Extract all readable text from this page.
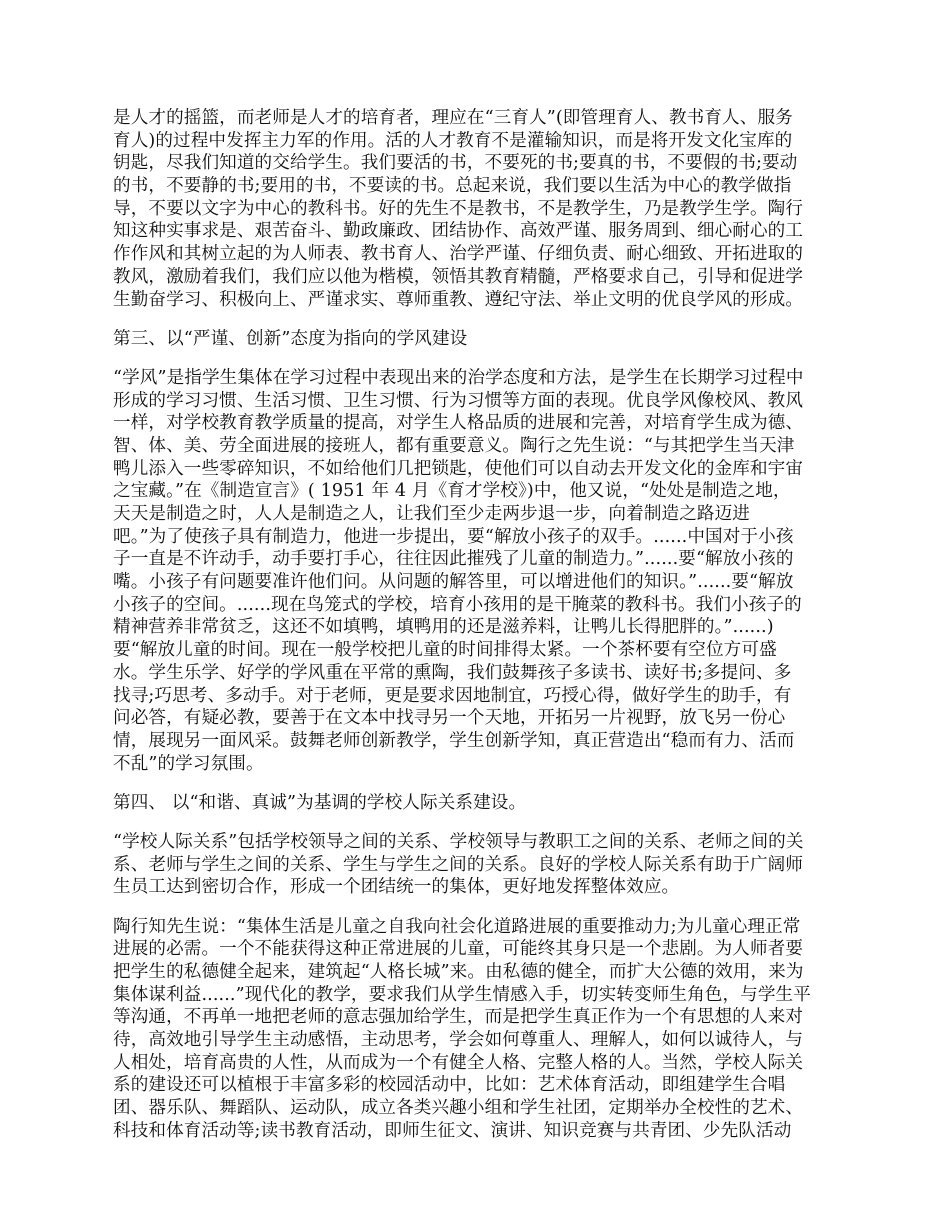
是人才的摇篮，而老师是人才的培育者，理应在“三育人”(即管理育人、教书育人、服务
育人)的过程中发挥主力军的作用。活的人才教育不是灌输知识，而是将开发文化宝库的
钥匙，尽我们知道的交给学生。我们要活的书，不要死的书;要真的书，不要假的书;要动
的书，不要静的书;要用的书，不要读的书。总起来说，我们要以生活为中心的教学做指
导，不要以文字为中心的教科书。好的先生不是教书，不是教学生，乃是教学生学。陶行
知这种实事求是、艰苦奋斗、勤政廉政、团结协作、高效严谨、服务周到、细心耐心的工
作作风和其树立起的为人师表、教书育人、治学严谨、仔细负责、耐心细致、开拓进取的
教风，激励着我们，我们应以他为楷模，领悟其教育精髓，严格要求自己，引导和促进学
生勤奋学习、积极向上、严谨求实、尊师重教、遵纪守法、举止文明的优良学风的形成。
第三、以“严谨、创新”态度为指向的学风建设
“学风”是指学生集体在学习过程中表现出来的治学态度和方法，是学生在长期学习过程中
形成的学习习惯、生活习惯、卫生习惯、行为习惯等方面的表现。优良学风像校风、教风
一样，对学校教育教学质量的提高，对学生人格品质的进展和完善，对培育学生成为德、
智、体、美、劳全面进展的接班人，都有重要意义。陶行之先生说：“与其把学生当天津
鸭儿添入一些零碎知识，不如给他们几把锁匙，使他们可以自动去开发文化的金库和宇宙
之宝藏。”在《制造宣言》( 1951 年 4 月《育才学校》)中，他又说，“处处是制造之地，
天天是制造之时，人人是制造之人，让我们至少走两步退一步，向着制造之路迈进
吧。”为了使孩子具有制造力，他进一步提出，要“解放小孩子的双手。......中国对于小孩
子一直是不许动手，动手要打手心，往往因此摧残了儿童的制造力。”......要“解放小孩的
嘴。小孩子有问题要准许他们问。从问题的解答里，可以增进他们的知识。”......要“解放
小孩子的空间。......现在鸟笼式的学校，培育小孩用的是干腌菜的教科书。我们小孩子的
精神营养非常贫乏，这还不如填鸭，填鸭用的还是滋养料，让鸭儿长得肥胖的。”......)
要“解放儿童的时间。现在一般学校把儿童的时间排得太紧。一个茶杯要有空位方可盛
水。学生乐学、好学的学风重在平常的熏陶，我们鼓舞孩子多读书、读好书;多提问、多
找寻;巧思考、多动手。对于老师，更是要求因地制宜，巧授心得，做好学生的助手，有
问必答，有疑必教，要善于在文本中找寻另一个天地，开拓另一片视野，放飞另一份心
情，展现另一面风采。鼓舞老师创新教学，学生创新学知，真正营造出“稳而有力、活而
不乱”的学习氛围。
第四、 以“和谐、真诚”为基调的学校人际关系建设。
“学校人际关系”包括学校领导之间的关系、学校领导与教职工之间的关系、老师之间的关
系、老师与学生之间的关系、学生与学生之间的关系。良好的学校人际关系有助于广阔师
生员工达到密切合作，形成一个团结统一的集体，更好地发挥整体效应。
陶行知先生说：“集体生活是儿童之自我向社会化道路进展的重要推动力;为儿童心理正常
进展的必需。一个不能获得这种正常进展的儿童，可能终其身只是一个悲剧。为人师者要
把学生的私德健全起来，建筑起“人格长城”来。由私德的健全，而扩大公德的效用，来为
集体谋利益......”现代化的教学，要求我们从学生情感入手，切实转变师生角色，与学生平
等沟通，不再单一地把老师的意志强加给学生，而是把学生真正作为一个有思想的人来对
待，高效地引导学生主动感悟，主动思考，学会如何尊重人、理解人，如何以诚待人，与
人相处，培育高贵的人性，从而成为一个有健全人格、完整人格的人。当然，学校人际关
系的建设还可以植根于丰富多彩的校园活动中，比如：艺术体育活动，即组建学生合唱
团、器乐队、舞蹈队、运动队，成立各类兴趣小组和学生社团，定期举办全校性的艺术、
科技和体育活动等;读书教育活动，即师生征文、演讲、知识竞赛与共青团、少先队活动
